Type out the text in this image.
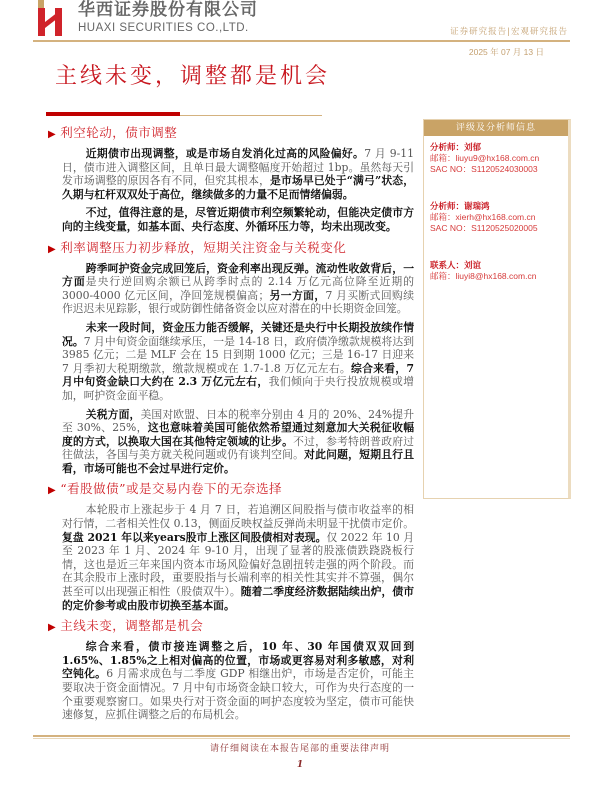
华西证券股份有限公司
HUAXI SECURITIES CO.,LTD.	证券研究报告|宏观研究报告
2025 年 07 月 13 日
主线未变，调整都是机会
评级及分析师信息
分析师：刘郁
邮箱：liuyu9@hx168.com.cn
SAC NO：S1120524030003
分析师：谢瑞鸿
邮箱：xierh@hx168.com.cn
SAC NO：S1120525020005
联系人：刘谊
邮箱：liuyi8@hx168.com.cn
▶ 利空轮动，债市调整
近期债市出现调整，或是市场自发消化过高的风险偏好。7 月 9-11 日，债市进入调整区间，且单日最大调整幅度开始超过 1bp。虽然每天引发市场调整的原因各有不同，但究其根本，是市场早已处于“满弓”状态，久期与杠杆双双处于高位，继续做多的力量不足而情绪偏弱。
不过，值得注意的是，尽管近期债市利空频繁轮动，但能决定债市方向的主线变量，如基本面、央行态度、外循环压力等，均未出现改变。
▶ 利率调整压力初步释放，短期关注资金与关税变化
跨季呵护资金完成回笼后，资金利率出现反弹。流动性收敛背后，一方面是央行逆回购余额已从跨季时点的 2.14 万亿元高位降至近期的 3000-4000 亿元区间，净回笼规模偏高；另一方面，7 月买断式回购续作迟迟未见踪影，银行或防御性储备资金以应对潜在的中长期资金回笼。
未来一段时间，资金压力能否缓解，关键还是央行中长期投放续作情况。7 月中旬资金面继续承压，一是 14-18 日，政府债净缴款规模将达到 3985 亿元；二是 MLF 会在 15 日到期 1000 亿元；三是 16-17 日迎来 7 月季初大税期缴款，缴款规模或在 1.7-1.8 万亿元左右。综合来看，7 月中旬资金缺口大约在 2.3 万亿元左右，我们倾向于央行投放规模或增加，呵护资金面平稳。
关税方面，美国对欧盟、日本的税率分别由 4 月的 20%、24%提升至 30%、25%，这也意味着美国可能依然希望通过刻意加大关税征收幅度的方式，以换取大国在其他特定领域的让步。不过，参考特朗普政府过往做法，各国与美方就关税问题或仍有谈判空间。对此问题，短期且行且看，市场可能也不会过早进行定价。
▶ “看股做债”或是交易内卷下的无奈选择
本轮股市上涨起步于 4 月 7 日，若追溯区间股指与债市收益率的相对行情，二者相关性仅 0.13，侧面反映权益反弹尚未明显干扰债市定价。复盘 2021 年以来years股市上涨区间股债相对表现。仅 2022 年 10 月至 2023 年 1 月、2024 年 9-10 月，出现了显著的股涨债跌跷跷板行情，这也是近三年来国内资本市场风险偏好急剧扭转走强的两个阶段。而在其余股市上涨时段，重要股指与长端利率的相关性其实并不算强，偶尔甚至可以出现强正相性（股债双牛）。随着二季度经济数据陆续出炉，债市的定价参考或由股市切换至基本面。
▶ 主线未变，调整都是机会
综合来看，债市接连调整之后，10 年、30 年国债双双回到 1.65%、1.85%之上相对偏高的位置，市场或更容易对利多敏感，对利空钝化。6 月需求成色与二季度 GDP 相继出炉，市场是否定价，可能主要取决于资金面情况。7 月中旬市场资金缺口较大，可作为央行态度的一个重要观察窗口。如果央行对于资金面的呵护态度较为坚定，债市可能快速修复，应抓住调整之后的布局机会。
请仔细阅读在本报告尾部的重要法律声明
1
